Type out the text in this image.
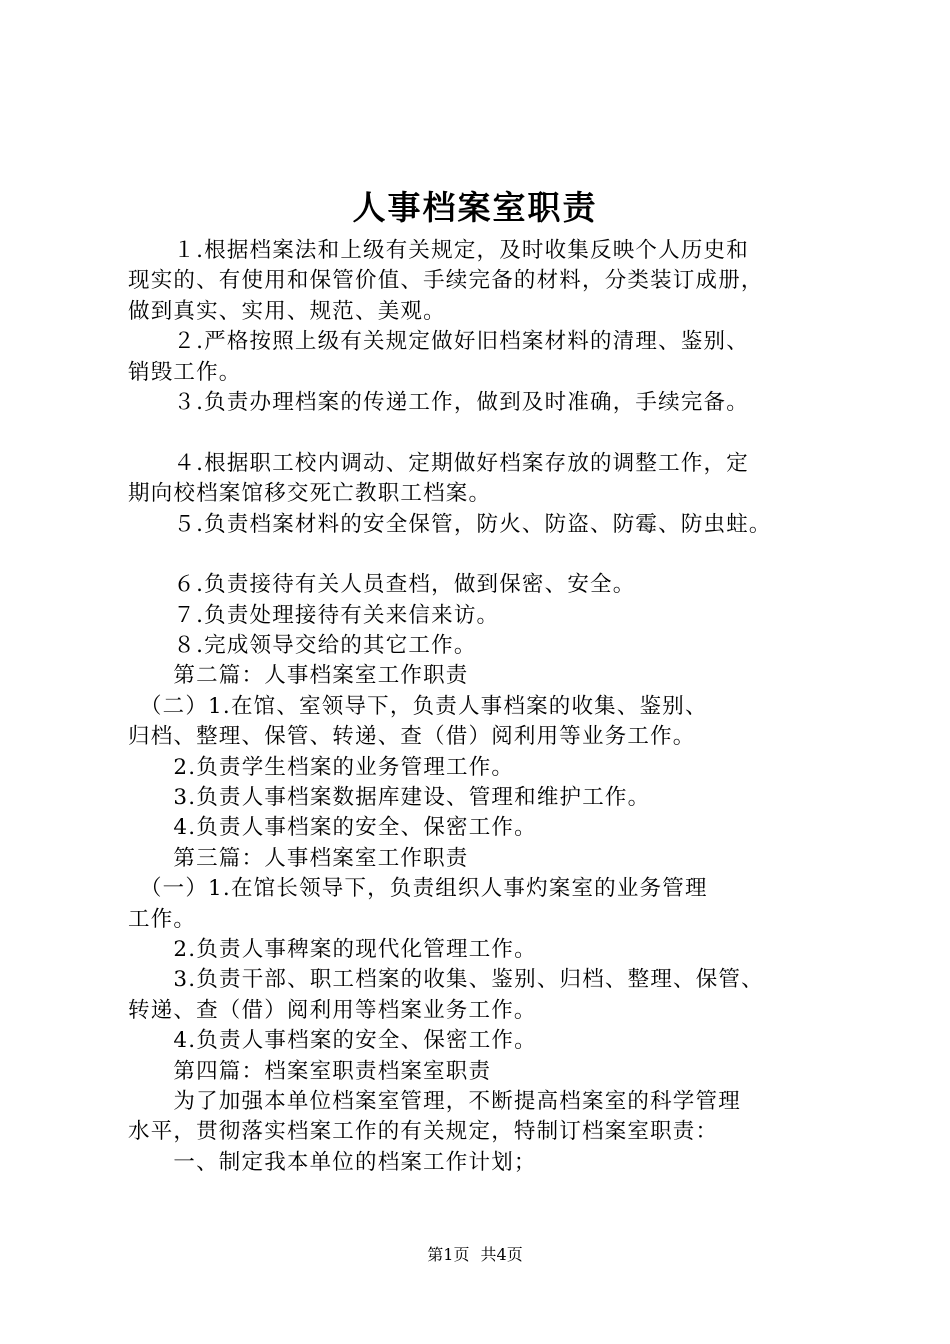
人事档案室职责
　　１.根据档案法和上级有关规定，及时收集反映个人历史和
现实的、有使用和保管价值、手续完备的材料，分类装订成册，
做到真实、实用、规范、美观。
　　２.严格按照上级有关规定做好旧档案材料的清理、鉴别、
销毁工作。
　　３.负责办理档案的传递工作，做到及时准确，手续完备。
　　４.根据职工校内调动、定期做好档案存放的调整工作，定
期向校档案馆移交死亡教职工档案。
　　５.负责档案材料的安全保管，防火、防盗、防霉、防虫蛀。
　　６.负责接待有关人员查档，做到保密、安全。
　　７.负责处理接待有关来信来访。
　　８.完成领导交给的其它工作。
　　第二篇：人事档案室工作职责
　（二）1.在馆、室领导下，负责人事档案的收集、鉴别、
归档、整理、保管、转递、查（借）阅利用等业务工作。
　　2.负责学生档案的业务管理工作。
　　3.负责人事档案数据库建设、管理和维护工作。
　　4.负责人事档案的安全、保密工作。
　　第三篇：人事档案室工作职责
　（一）1.在馆长领导下，负责组织人事灼案室的业务管理
工作。
　　2.负责人事稗案的现代化管理工作。
　　3.负责干部、职工档案的收集、鉴别、归档、整理、保管、
转递、查（借）阅利用等档案业务工作。
　　4.负责人事档案的安全、保密工作。
　　第四篇：档案室职责档案室职责
　　为了加强本单位档案室管理，不断提高档案室的科学管理
水平，贯彻落实档案工作的有关规定，特制订档案室职责：
　　一、制定我本单位的档案工作计划；
第1页 共4页
